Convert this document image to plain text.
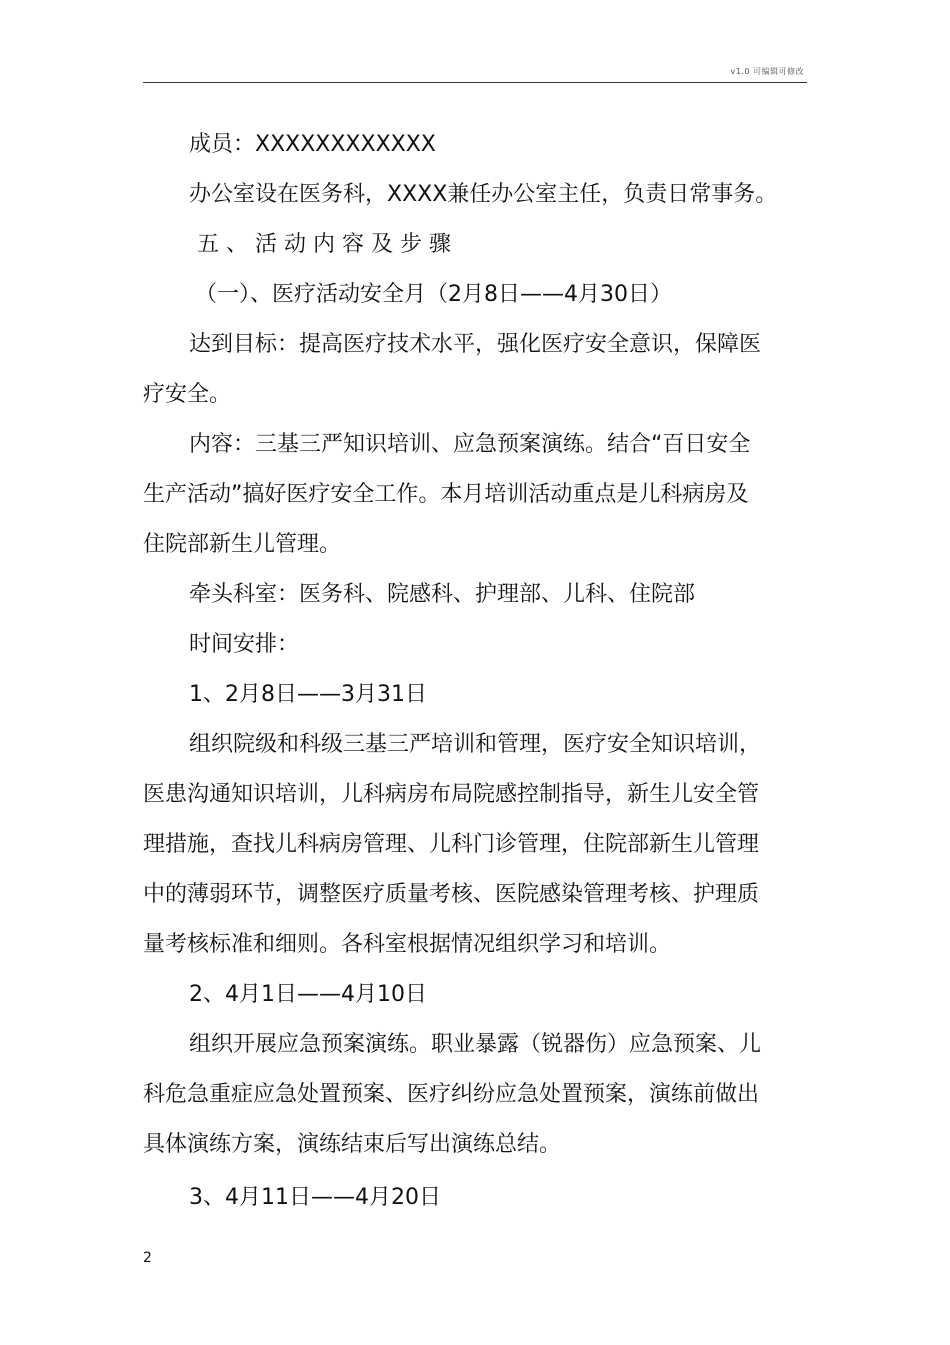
v1.0 可编辑可修改

成员：XXXXXXXXXXXX

办公室设在医务科，XXXX兼任办公室主任，负责日常事务。

五、活动内容及步骤

（一）、医疗活动安全月（2月8日——4月30日）

达到目标：提高医疗技术水平，强化医疗安全意识，保障医

疗安全。

内容：三基三严知识培训、应急预案演练。结合“百日安全

生产活动”搞好医疗安全工作。本月培训活动重点是儿科病房及

住院部新生儿管理。

牵头科室：医务科、院感科、护理部、儿科、住院部

时间安排：

1、2月8日——3月31日

组织院级和科级三基三严培训和管理，医疗安全知识培训，

医患沟通知识培训，儿科病房布局院感控制指导，新生儿安全管

理措施，查找儿科病房管理、儿科门诊管理，住院部新生儿管理

中的薄弱环节，调整医疗质量考核、医院感染管理考核、护理质

量考核标准和细则。各科室根据情况组织学习和培训。

2、4月1日——4月10日

组织开展应急预案演练。职业暴露（锐器伤）应急预案、儿

科危急重症应急处置预案、医疗纠纷应急处置预案，演练前做出

具体演练方案，演练结束后写出演练总结。

3、4月11日——4月20日

2
